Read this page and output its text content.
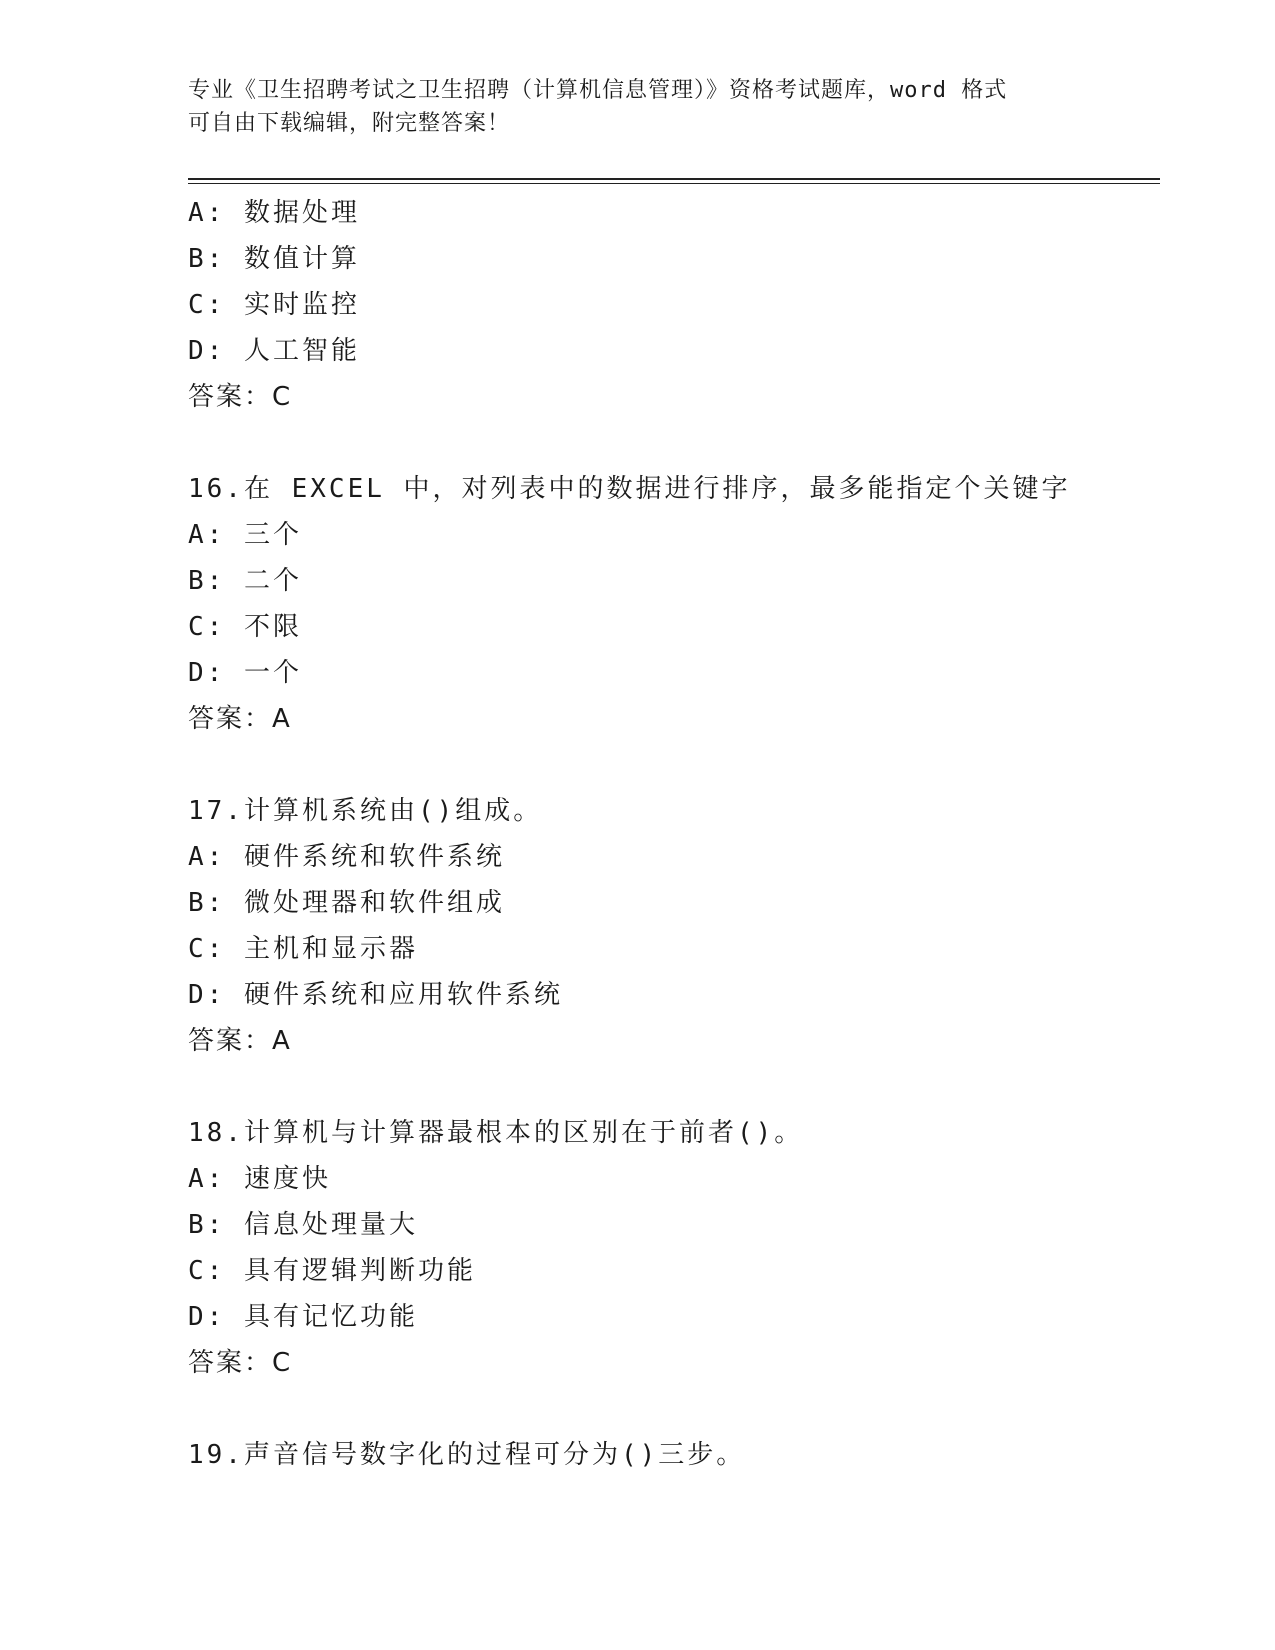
专业《卫生招聘考试之卫生招聘（计算机信息管理）》资格考试题库，word 格式
可自由下载编辑，附完整答案！
A: 数据处理
B: 数值计算
C: 实时监控
D: 人工智能
答案：C
16.在 EXCEL 中，对列表中的数据进行排序，最多能指定个关键字
A: 三个
B: 二个
C: 不限
D: 一个
答案：A
17.计算机系统由()组成。
A: 硬件系统和软件系统
B: 微处理器和软件组成
C: 主机和显示器
D: 硬件系统和应用软件系统
答案：A
18.计算机与计算器最根本的区别在于前者()。
A: 速度快
B: 信息处理量大
C: 具有逻辑判断功能
D: 具有记忆功能
答案：C
19.声音信号数字化的过程可分为()三步。
